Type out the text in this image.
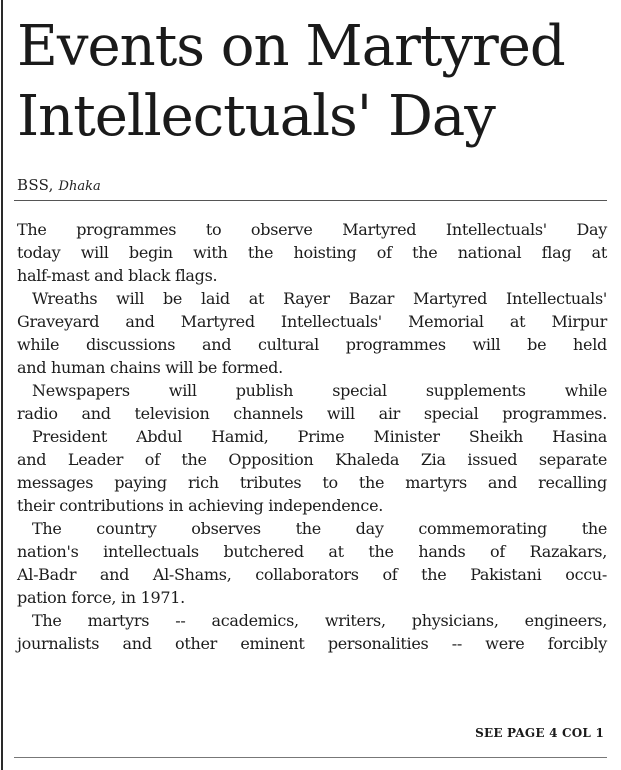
Events on Martyred
Intellectuals' Day
BSS, Dhaka

The programmes to observe Martyred Intellectuals' Day
today will begin with the hoisting of the national flag at
half-mast and black flags.

Wreaths will be laid at Rayer Bazar Martyred Intellectuals'
Graveyard and Martyred Intellectuals' Memorial at Mirpur
while discussions and cultural programmes will be held
and human chains will be formed.

Newspapers will publish special supplements while
radio and television channels will air special programmes.

President Abdul Hamid, Prime Minister Sheikh Hasina
and Leader of the Opposition Khaleda Zia issued separate
messages paying rich tributes to the martyrs and recalling
their contributions in achieving independence.

The country observes the day commemorating the
nation's intellectuals butchered at the hands of Razakars,
Al-Badr and Al-Shams, collaborators of the Pakistani occu-
pation force, in 1971.

The martyrs -- academics, writers, physicians, engineers,
journalists and other eminent personalities -- were forcibly

SEE PAGE 4 COL 1
